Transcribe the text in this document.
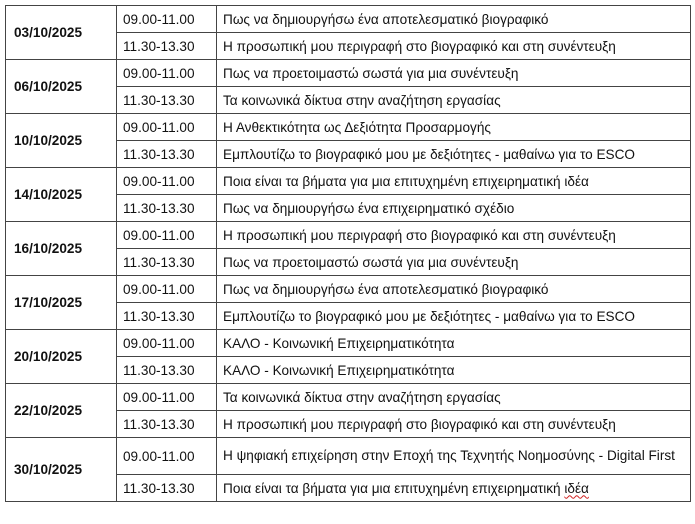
03/10/2025	09.00-11.00	Πως να δημιουργήσω ένα αποτελεσματικό βιογραφικό
	11.30-13.30	Η προσωπική μου περιγραφή στο βιογραφικό και στη συνέντευξη
06/10/2025	09.00-11.00	Πως να προετοιμαστώ σωστά για μια συνέντευξη
	11.30-13.30	Τα κοινωνικά δίκτυα στην αναζήτηση εργασίας
10/10/2025	09.00-11.00	Η Ανθεκτικότητα ως Δεξιότητα Προσαρμογής
	11.30-13.30	Εμπλουτίζω το βιογραφικό μου με δεξιότητες - μαθαίνω για το ESCO
14/10/2025	09.00-11.00	Ποια είναι τα βήματα για μια επιτυχημένη επιχειρηματική ιδέα
	11.30-13.30	Πως να δημιουργήσω ένα επιχειρηματικό σχέδιο
16/10/2025	09.00-11.00	Η προσωπική μου περιγραφή στο βιογραφικό και στη συνέντευξη
	11.30-13.30	Πως να προετοιμαστώ σωστά για μια συνέντευξη
17/10/2025	09.00-11.00	Πως να δημιουργήσω ένα αποτελεσματικό βιογραφικό
	11.30-13.30	Εμπλουτίζω το βιογραφικό μου με δεξιότητες - μαθαίνω για το ESCO
20/10/2025	09.00-11.00	ΚΑΛΟ - Κοινωνική Επιχειρηματικότητα
	11.30-13.30	ΚΑΛΟ - Κοινωνική Επιχειρηματικότητα
22/10/2025	09.00-11.00	Τα κοινωνικά δίκτυα στην αναζήτηση εργασίας
	11.30-13.30	Η προσωπική μου περιγραφή στο βιογραφικό και στη συνέντευξη
30/10/2025	09.00-11.00	Η ψηφιακή επιχείρηση στην Εποχή της Τεχνητής Νοημοσύνης - Digital First
	11.30-13.30	Ποια είναι τα βήματα για μια επιτυχημένη επιχειρηματική ιδέα
